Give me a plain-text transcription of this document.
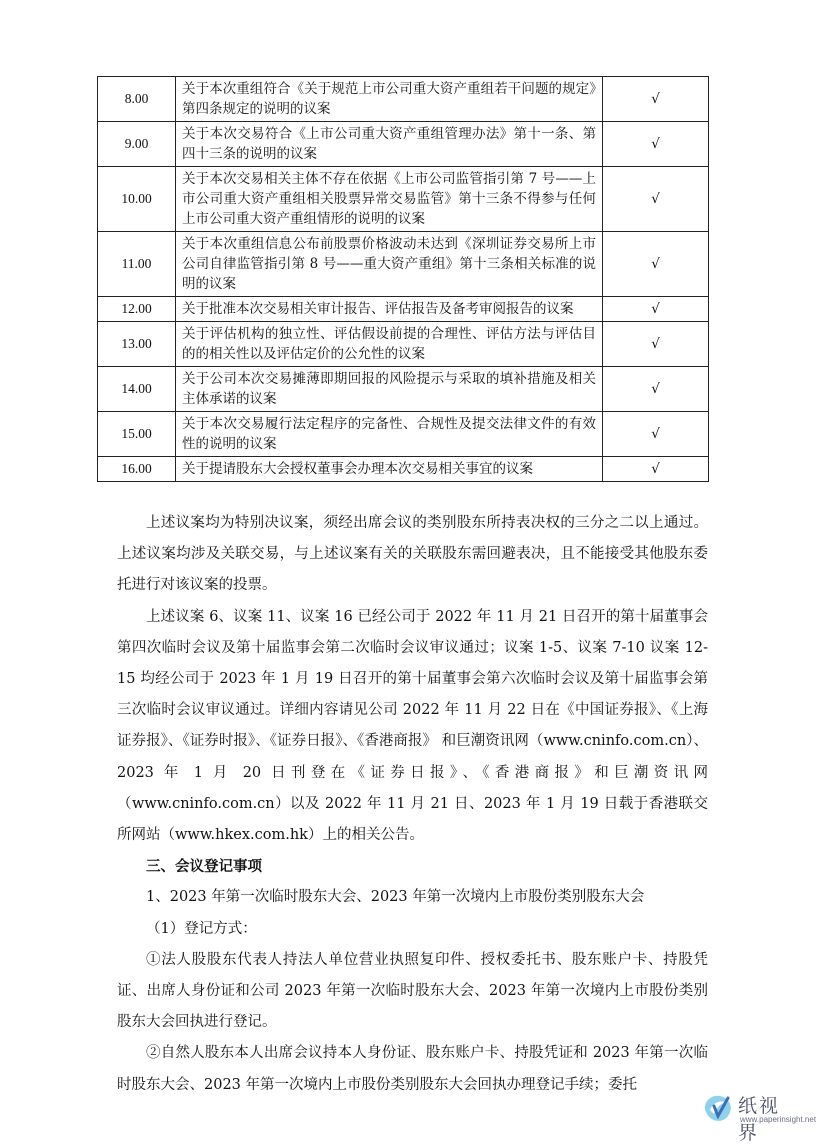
8.00	关于本次重组符合《关于规范上市公司重大资产重组若干问题的规定》第四条规定的说明的议案	√
9.00	关于本次交易符合《上市公司重大资产重组管理办法》第十一条、第四十三条的说明的议案	√
10.00	关于本次交易相关主体不存在依据《上市公司监管指引第 7 号——上市公司重大资产重组相关股票异常交易监管》第十三条不得参与任何上市公司重大资产重组情形的说明的议案	√
11.00	关于本次重组信息公布前股票价格波动未达到《深圳证券交易所上市公司自律监管指引第 8 号——重大资产重组》第十三条相关标准的说明的议案	√
12.00	关于批准本次交易相关审计报告、评估报告及备考审阅报告的议案	√
13.00	关于评估机构的独立性、评估假设前提的合理性、评估方法与评估目的的相关性以及评估定价的公允性的议案	√
14.00	关于公司本次交易摊薄即期回报的风险提示与采取的填补措施及相关主体承诺的议案	√
15.00	关于本次交易履行法定程序的完备性、合规性及提交法律文件的有效性的说明的议案	√
16.00	关于提请股东大会授权董事会办理本次交易相关事宜的议案	√

上述议案均为特别决议案，须经出席会议的类别股东所持表决权的三分之二以上通过。上述议案均涉及关联交易，与上述议案有关的关联股东需回避表决，且不能接受其他股东委托进行对该议案的投票。

上述议案 6、议案 11、议案 16 已经公司于 2022 年 11 月 21 日召开的第十届董事会第四次临时会议及第十届监事会第二次临时会议审议通过；议案 1-5、议案 7-10 议案 12-15 均经公司于 2023 年 1 月 19 日召开的第十届董事会第六次临时会议及第十届监事会第三次临时会议审议通过。详细内容请见公司 2022 年 11 月 22 日在《中国证券报》、《上海证券报》、《证券时报》、《证券日报》、《香港商报》 和巨潮资讯网（www.cninfo.com.cn）、2023 年 1 月 20 日刊登在《证券日报》、《香港商报》和巨潮资讯网（www.cninfo.com.cn）以及 2022 年 11 月 21 日、2023 年 1 月 19 日载于香港联交所网站（www.hkex.com.hk）上的相关公告。

三、会议登记事项

1、2023 年第一次临时股东大会、2023 年第一次境内上市股份类别股东大会

（1）登记方式：

①法人股股东代表人持法人单位营业执照复印件、授权委托书、股东账户卡、持股凭证、出席人身份证和公司 2023 年第一次临时股东大会、2023 年第一次境内上市股份类别股东大会回执进行登记。

②自然人股东本人出席会议持本人身份证、股东账户卡、持股凭证和 2023 年第一次临时股东大会、2023 年第一次境内上市股份类别股东大会回执办理登记手续；委托

纸视界
www.paperinsight.net
